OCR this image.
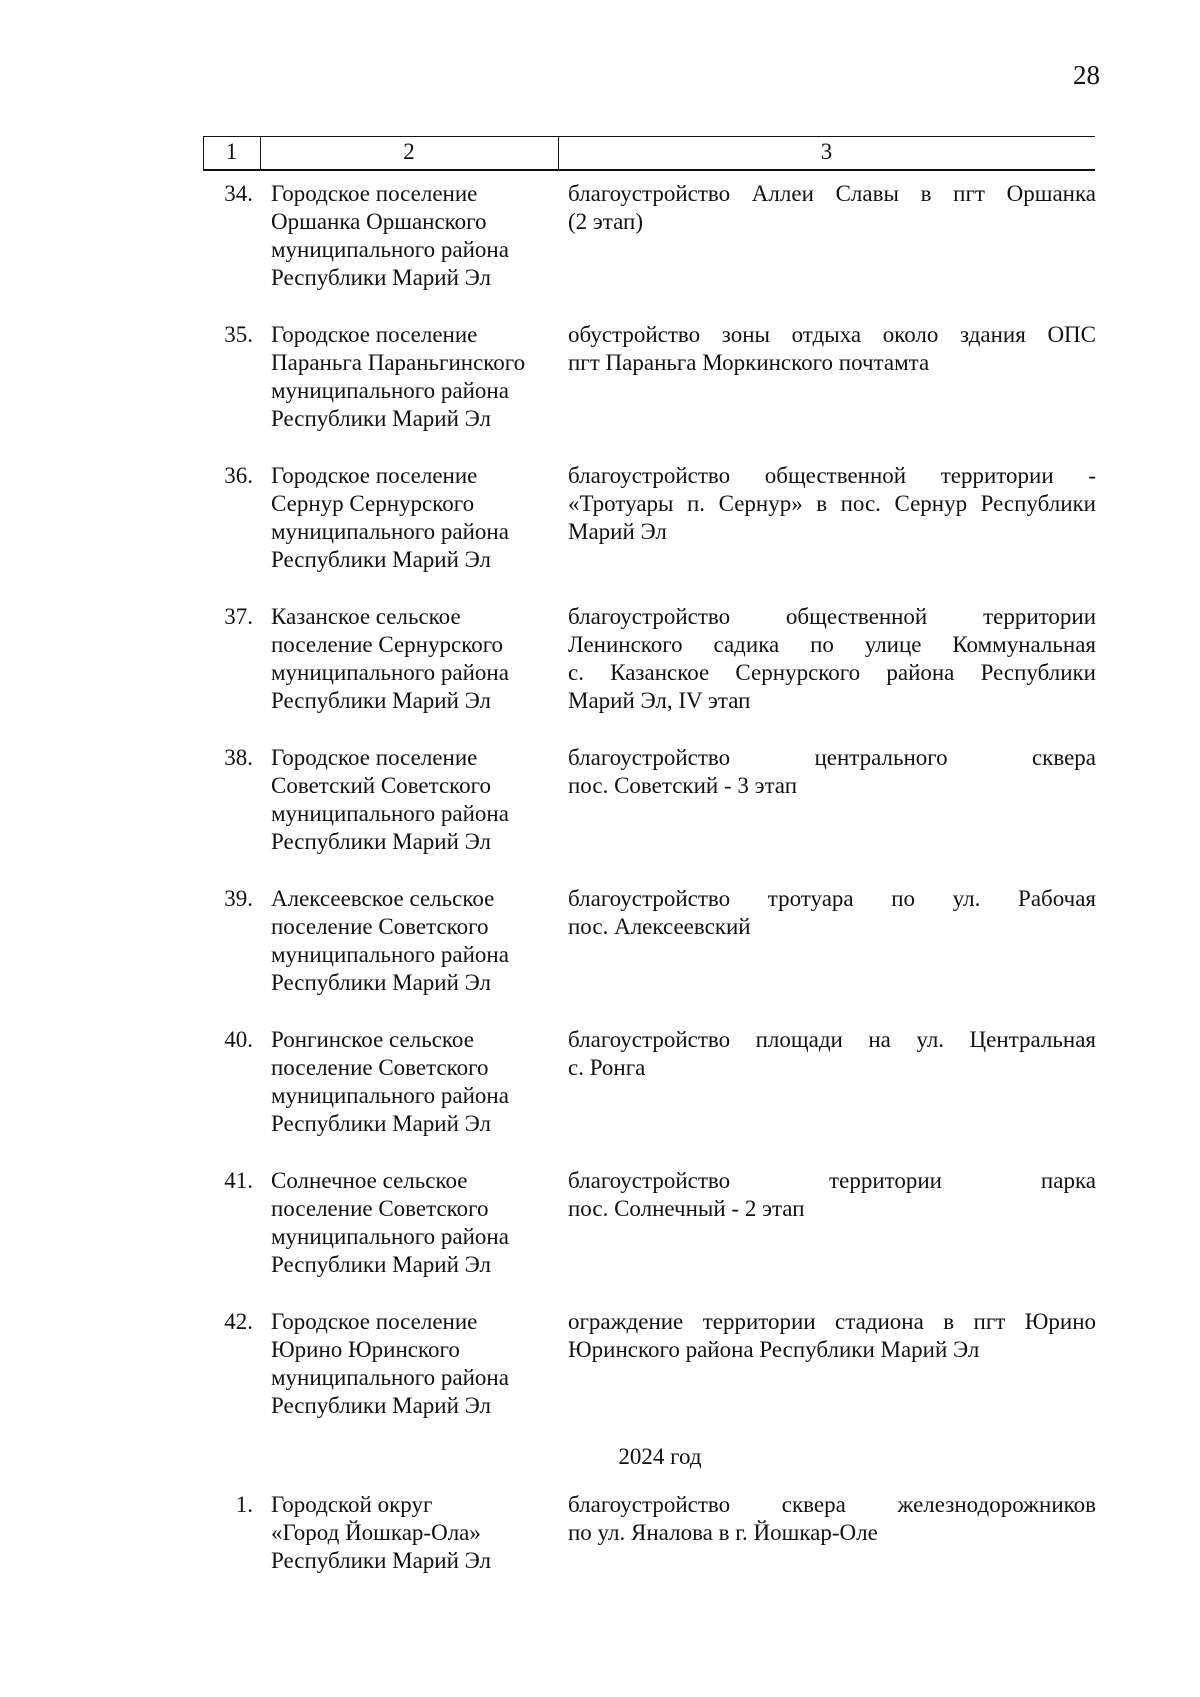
28
1	2	3
34. Городское поселение
Оршанка Оршанского
муниципального района
Республики Марий Эл
благоустройство Аллеи Славы в пгт Оршанка
(2 этап)
35. Городское поселение
Параньга Параньгинского
муниципального района
Республики Марий Эл
обустройство зоны отдыха около здания ОПС
пгт Параньга Моркинского почтамта
36. Городское поселение
Сернур Сернурского
муниципального района
Республики Марий Эл
благоустройство общественной территории -
«Тротуары п. Сернур» в пос. Сернур Республики
Марий Эл
37. Казанское сельское
поселение Сернурского
муниципального района
Республики Марий Эл
благоустройство общественной территории
Ленинского садика по улице Коммунальная
с. Казанское Сернурского района Республики
Марий Эл, IV этап
38. Городское поселение
Советский Советского
муниципального района
Республики Марий Эл
благоустройство центрального сквера
пос. Советский - 3 этап
39. Алексеевское сельское
поселение Советского
муниципального района
Республики Марий Эл
благоустройство тротуара по ул. Рабочая
пос. Алексеевский
40. Ронгинское сельское
поселение Советского
муниципального района
Республики Марий Эл
благоустройство площади на ул. Центральная
с. Ронга
41. Солнечное сельское
поселение Советского
муниципального района
Республики Марий Эл
благоустройство территории парка
пос. Солнечный - 2 этап
42. Городское поселение
Юрино Юринского
муниципального района
Республики Марий Эл
ограждение территории стадиона в пгт Юрино
Юринского района Республики Марий Эл
2024 год
1. Городской округ
«Город Йошкар-Ола»
Республики Марий Эл
благоустройство сквера железнодорожников
по ул. Яналова в г. Йошкар-Оле
